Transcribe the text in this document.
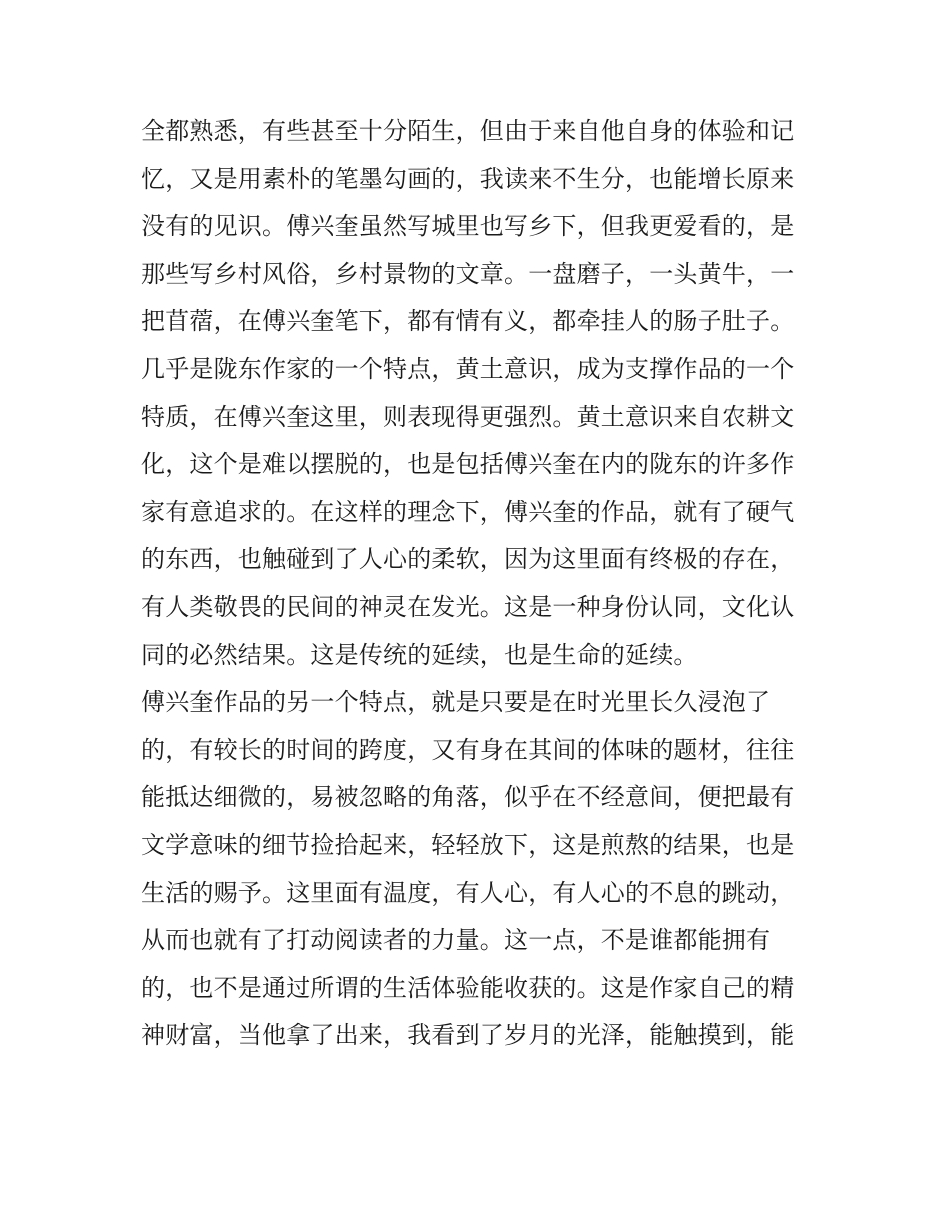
全都熟悉，有些甚至十分陌生，但由于来自他自身的体验和记
忆，又是用素朴的笔墨勾画的，我读来不生分，也能增长原来
没有的见识。傅兴奎虽然写城里也写乡下，但我更爱看的，是
那些写乡村风俗，乡村景物的文章。一盘磨子，一头黄牛，一
把苜蓿，在傅兴奎笔下，都有情有义，都牵挂人的肠子肚子。
几乎是陇东作家的一个特点，黄土意识，成为支撑作品的一个
特质，在傅兴奎这里，则表现得更强烈。黄土意识来自农耕文
化，这个是难以摆脱的，也是包括傅兴奎在内的陇东的许多作
家有意追求的。在这样的理念下，傅兴奎的作品，就有了硬气
的东西，也触碰到了人心的柔软，因为这里面有终极的存在，
有人类敬畏的民间的神灵在发光。这是一种身份认同，文化认
同的必然结果。这是传统的延续，也是生命的延续。
傅兴奎作品的另一个特点，就是只要是在时光里长久浸泡了
的，有较长的时间的跨度，又有身在其间的体味的题材，往往
能抵达细微的，易被忽略的角落，似乎在不经意间，便把最有
文学意味的细节捡拾起来，轻轻放下，这是煎熬的结果，也是
生活的赐予。这里面有温度，有人心，有人心的不息的跳动，
从而也就有了打动阅读者的力量。这一点，不是谁都能拥有
的，也不是通过所谓的生活体验能收获的。这是作家自己的精
神财富，当他拿了出来，我看到了岁月的光泽，能触摸到，能
